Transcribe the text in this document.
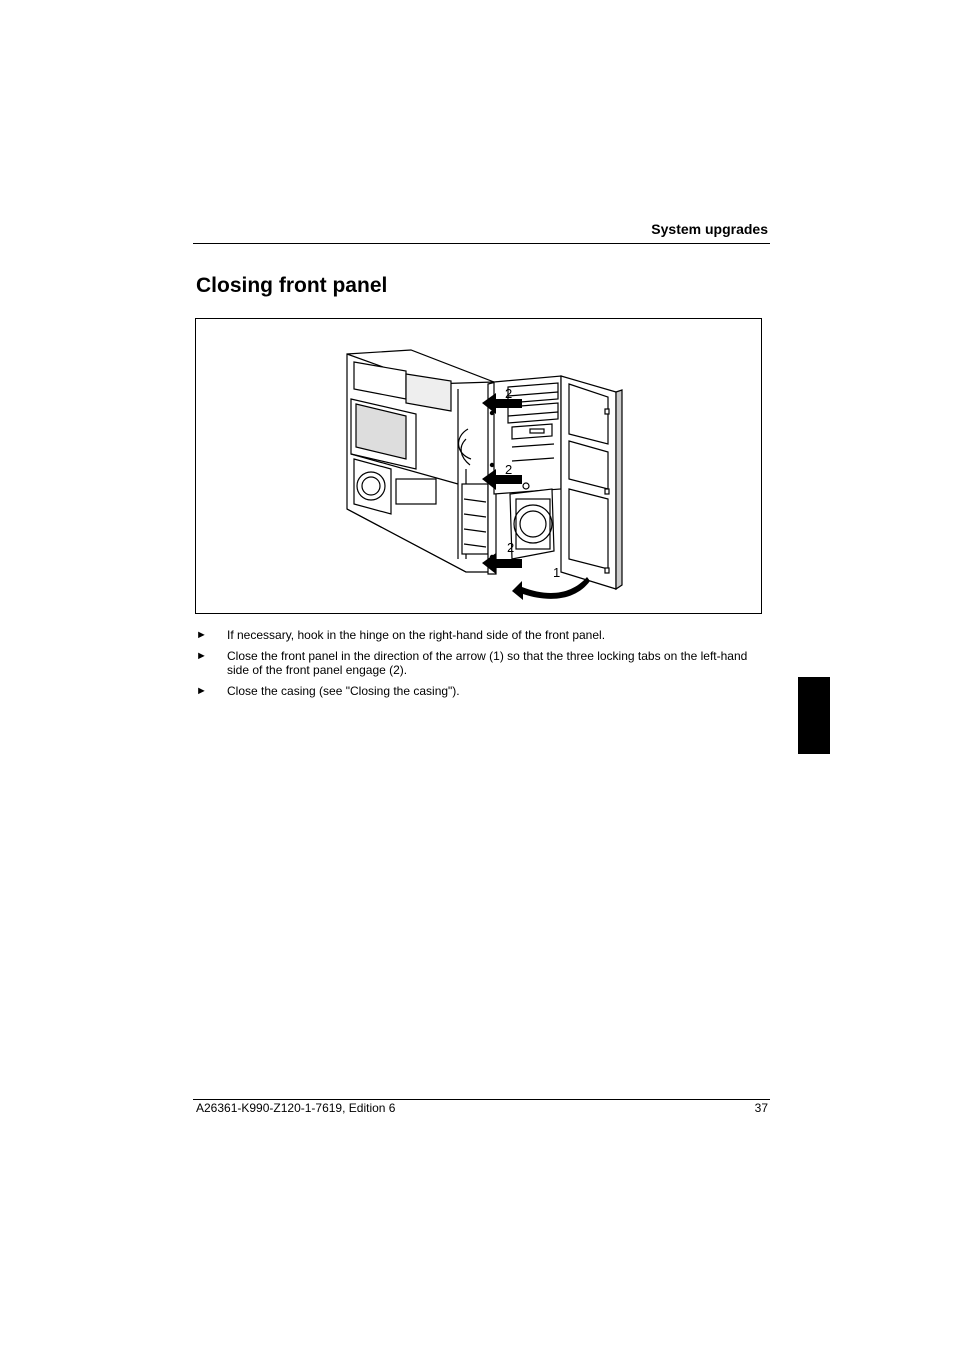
System upgrades
Closing front panel
2
2
2
1
► If necessary, hook in the hinge on the right-hand side of the front panel.
► Close the front panel in the direction of the arrow (1) so that the three locking tabs on the left-hand side of the front panel engage (2).
► Close the casing (see "Closing the casing").
A26361-K990-Z120-1-7619, Edition 6	37
